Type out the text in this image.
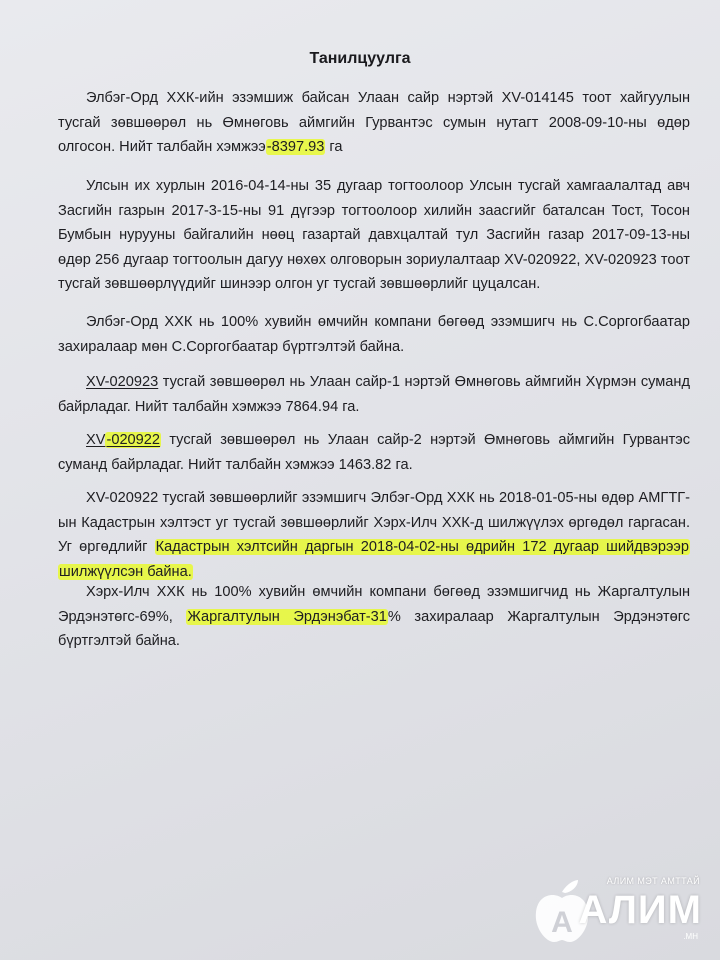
Танилцуулга

Элбэг-Орд ХХК-ийн эзэмшиж байсан Улаан сайр нэртэй XV-014145 тоот хайгуулын тусгай зөвшөөрөл нь Өмнөговь аймгийн Гурвантэс сумын нутагт 2008-09-10-ны өдөр олгосон. Нийт талбайн хэмжээ-8397.93 га

Улсын их хурлын 2016-04-14-ны 35 дугаар тогтоолоор Улсын тусгай хамгаалалтад авч Засгийн газрын 2017-3-15-ны 91 дүгээр тогтоолоор хилийн заасгийг баталсан Тост, Тосон Бумбын нурууны байгалийн нөөц газартай давхцалтай тул Засгийн газар 2017-09-13-ны өдөр 256 дугаар тогтоолын дагуу нөхөх олговорын зориулалтаар XV-020922, XV-020923 тоот тусгай зөвшөөрлүүдийг шинээр олгон уг тусгай зөвшөөрлийг цуцалсан.

Элбэг-Орд ХХК нь 100% хувийн өмчийн компани бөгөөд эзэмшигч нь С.Соргогбаатар захиралаар мөн С.Соргогбаатар бүртгэлтэй байна.

XV-020923 тусгай зөвшөөрөл нь Улаан сайр-1 нэртэй Өмнөговь аймгийн Хүрмэн суманд байрладаг. Нийт талбайн хэмжээ 7864.94 га.

XV-020922 тусгай зөвшөөрөл нь Улаан сайр-2 нэртэй Өмнөговь аймгийн Гурвантэс суманд байрладаг. Нийт талбайн хэмжээ 1463.82 га.

XV-020922 тусгай зөвшөөрлийг эзэмшигч Элбэг-Орд ХХК нь 2018-01-05-ны өдөр АМГТГ-ын Кадастрын хэлтэст уг тусгай зөвшөөрлийг Хэрх-Илч ХХК-д шилжүүлэх өргөдөл гаргасан. Уг өргөдлийг Кадастрын хэлтсийн даргын 2018-04-02-ны өдрийн 172 дугаар шийдвэрээр шилжүүлсэн байна.

Хэрх-Илч ХХК нь 100% хувийн өмчийн компани бөгөөд эзэмшигчид нь Жаргалтулын Эрдэнэтөгс-69%, Жаргалтулын Эрдэнэбат-31% захиралаар Жаргалтулын Эрдэнэтөгс бүртгэлтэй байна.

A
АЛИМ МЭТ АМТТАЙ
АЛИМ
.МН
